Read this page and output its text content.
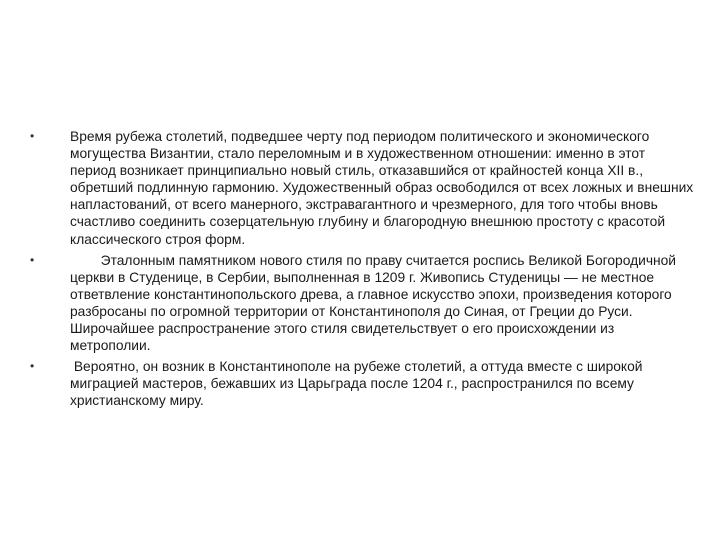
•	Время рубежа столетий, подведшее черту под периодом политического и экономического могущества Византии, стало переломным и в художественном отношении: именно в этот период возникает принципиально новый стиль, отказавшийся от крайностей конца XII в., обретший подлинную гармонию. Художественный образ освободился от всех ложных и внешних напластований, от всего манерного, экстравагантного и чрезмерного, для того чтобы вновь счастливо соединить созерцательную глубину и благородную внешнюю простоту с красотой классического строя форм.
•	Эталонным памятником нового стиля по праву считается роспись Великой Богородичной церкви в Студенице, в Сербии, выполненная в 1209 г. Живопись Студеницы — не местное ответвление константинопольского древа, а главное искусство эпохи, произведения которого разбросаны по огромной территории от Константинополя до Синая, от Греции до Руси. Широчайшее распространение этого стиля свидетельствует о его происхождении из метрополии.
•	Вероятно, он возник в Константинополе на рубеже столетий, а оттуда вместе с широкой миграцией мастеров, бежавших из Царьграда после 1204 г., распространился по всему христианскому миру.
